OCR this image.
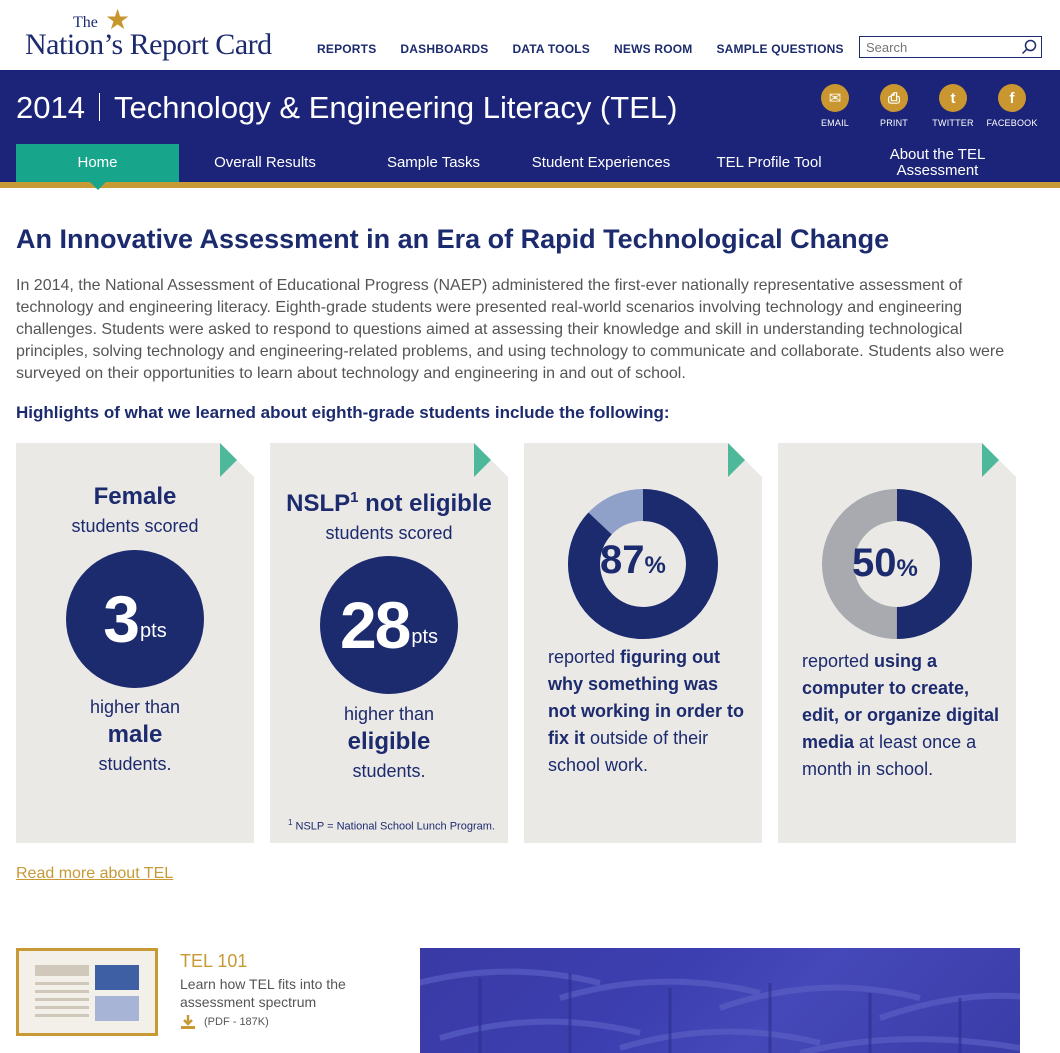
★
The
Nation’s Report Card	REPORTS DASHBOARDS DATA TOOLS NEWS ROOM SAMPLE QUESTIONS
Search
2014 Technology & Engineering Literacy (TEL)	✉
EMAIL
⎙
PRINT
t
TWITTER
f
FACEBOOK
Home	Overall Results	Sample Tasks	Student Experiences	TEL Profile Tool	About the TEL Assessment
An Innovative Assessment in an Era of Rapid Technological Change

In 2014, the National Assessment of Educational Progress (NAEP) administered the first-ever nationally representative assessment of technology and engineering literacy. Eighth-grade students were presented real-world scenarios involving technology and engineering challenges. Students were asked to respond to questions aimed at assessing their knowledge and skill in understanding technological principles, solving technology and engineering-related problems, and using technology to communicate and collaborate. Students also were surveyed on their opportunities to learn about technology and engineering in and out of school.

Highlights of what we learned about eighth-grade students include the following:
Female
students scored
3 pts
higher than
male
students.
NSLP$^1$ not eligible
students scored
28 pts
higher than
eligible
students.
$^1$ NSLP = National School Lunch Program.
87 %
reported figuring out why something was not working in order to fix it outside of their school work.
50 %
reported using a computer to create, edit, or organize digital media at least once a month in school.
Read more about TEL
TEL 101
Learn how TEL fits into the assessment spectrum
(PDF - 187K)
